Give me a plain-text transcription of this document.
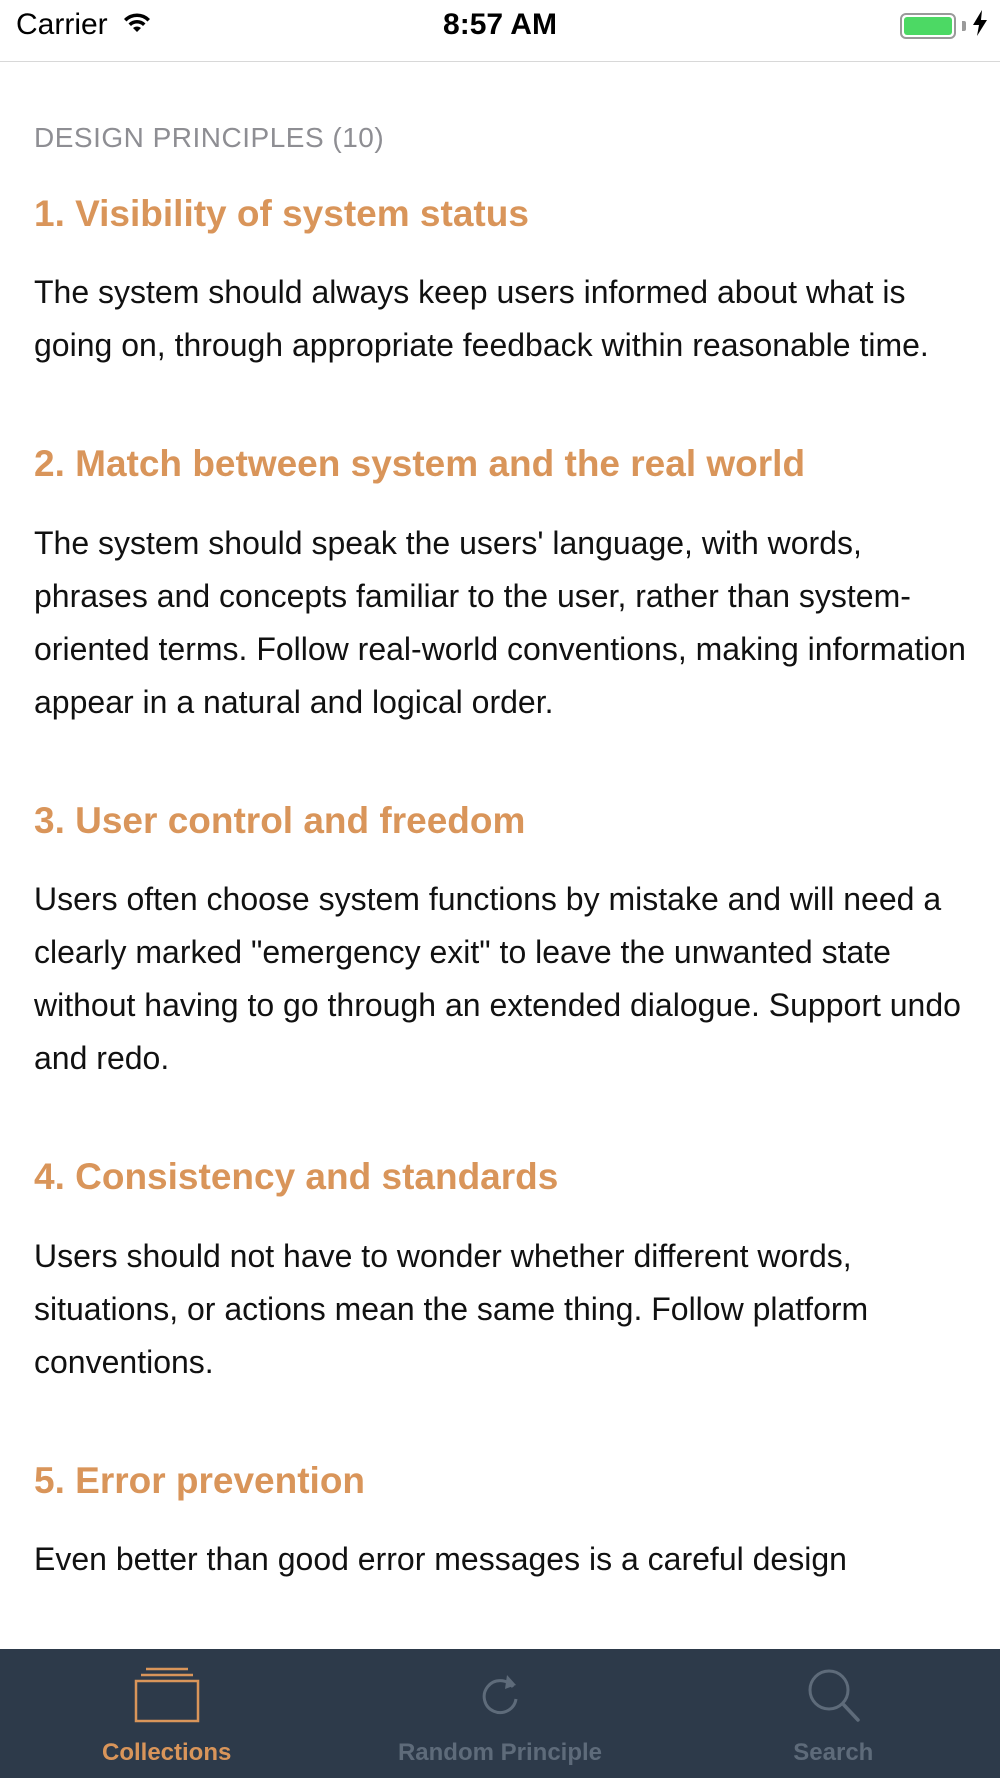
Carrier	8:57 AM
DESIGN PRINCIPLES (10)
1. Visibility of system status

The system should always keep users informed about what is going on, through appropriate feedback within reasonable time.

2. Match between system and the real world

The system should speak the users' language, with words, phrases and concepts familiar to the user, rather than system-oriented terms. Follow real-world conventions, making information appear in a natural and logical order.

3. User control and freedom

Users often choose system functions by mistake and will need a clearly marked "emergency exit" to leave the unwanted state without having to go through an extended dialogue. Support undo and redo.

4. Consistency and standards

Users should not have to wonder whether different words, situations, or actions mean the same thing. Follow platform conventions.

5. Error prevention

Even better than good error messages is a careful design

Collections	Random Principle	Search
